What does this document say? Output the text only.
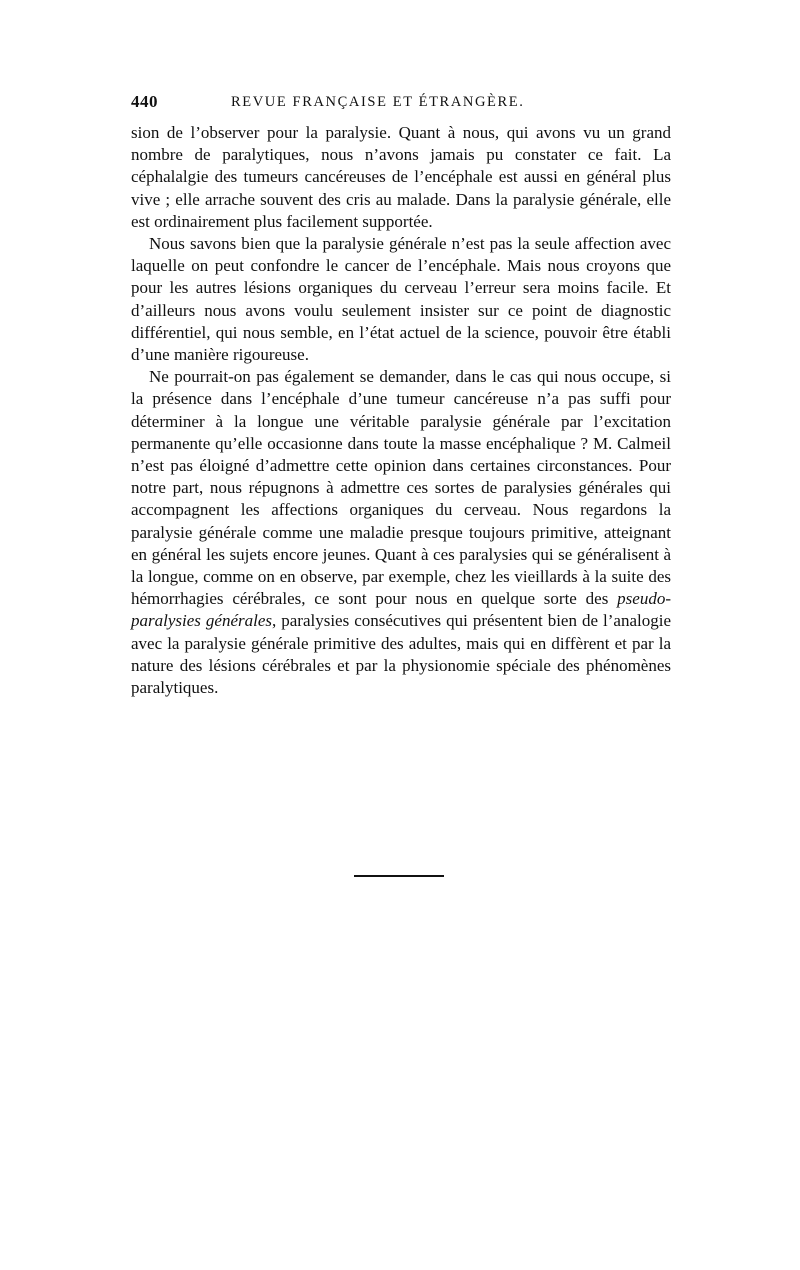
440	REVUE FRANÇAISE ET ÉTRANGÈRE.

sion de l’observer pour la paralysie. Quant à nous, qui avons vu un grand nombre de paralytiques, nous n’avons jamais pu constater ce fait. La céphalalgie des tumeurs cancéreuses de l’encéphale est aussi en général plus vive ; elle arrache souvent des cris au malade. Dans la paralysie générale, elle est ordinairement plus facilement supportée.

Nous savons bien que la paralysie générale n’est pas la seule affection avec laquelle on peut confondre le cancer de l’encéphale. Mais nous croyons que pour les autres lésions organiques du cerveau l’erreur sera moins facile. Et d’ailleurs nous avons voulu seulement insister sur ce point de diagnostic différentiel, qui nous semble, en l’état actuel de la science, pouvoir être établi d’une manière rigoureuse.

Ne pourrait-on pas également se demander, dans le cas qui nous occupe, si la présence dans l’encéphale d’une tumeur cancéreuse n’a pas suffi pour déterminer à la longue une véritable paralysie générale par l’excitation permanente qu’elle occasionne dans toute la masse encéphalique ? M. Calmeil n’est pas éloigné d’admettre cette opinion dans certaines circonstances. Pour notre part, nous répugnons à admettre ces sortes de paralysies générales qui accompagnent les affections organiques du cerveau. Nous regardons la paralysie générale comme une maladie presque toujours primitive, atteignant en général les sujets encore jeunes. Quant à ces paralysies qui se généralisent à la longue, comme on en observe, par exemple, chez les vieillards à la suite des hémorrhagies cérébrales, ce sont pour nous en quelque sorte des pseudo-paralysies générales, paralysies consécutives qui présentent bien de l’analogie avec la paralysie générale primitive des adultes, mais qui en diffèrent et par la nature des lésions cérébrales et par la physionomie spéciale des phénomènes paralytiques.
